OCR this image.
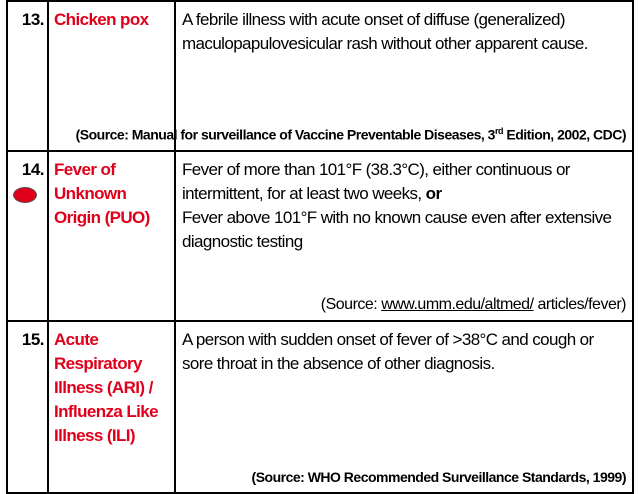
13.	Chicken pox	A febrile illness with acute onset of diffuse (generalized) maculopapulovesicular rash without other apparent cause.
(Source: Manual for surveillance of Vaccine Preventable Diseases, 3rd Edition, 2002, CDC)

14.	Fever of Unknown Origin (PUO)	Fever of more than 101°F (38.3°C), either continuous or intermittent, for at least two weeks, or
Fever above 101°F with no known cause even after extensive diagnostic testing
(Source: www.umm.edu/altmed/ articles/fever)

15.	Acute Respiratory Illness (ARI) / Influenza Like Illness (ILI)	A person with sudden onset of fever of >38°C and cough or sore throat in the absence of other diagnosis.
(Source: WHO Recommended Surveillance Standards, 1999)
